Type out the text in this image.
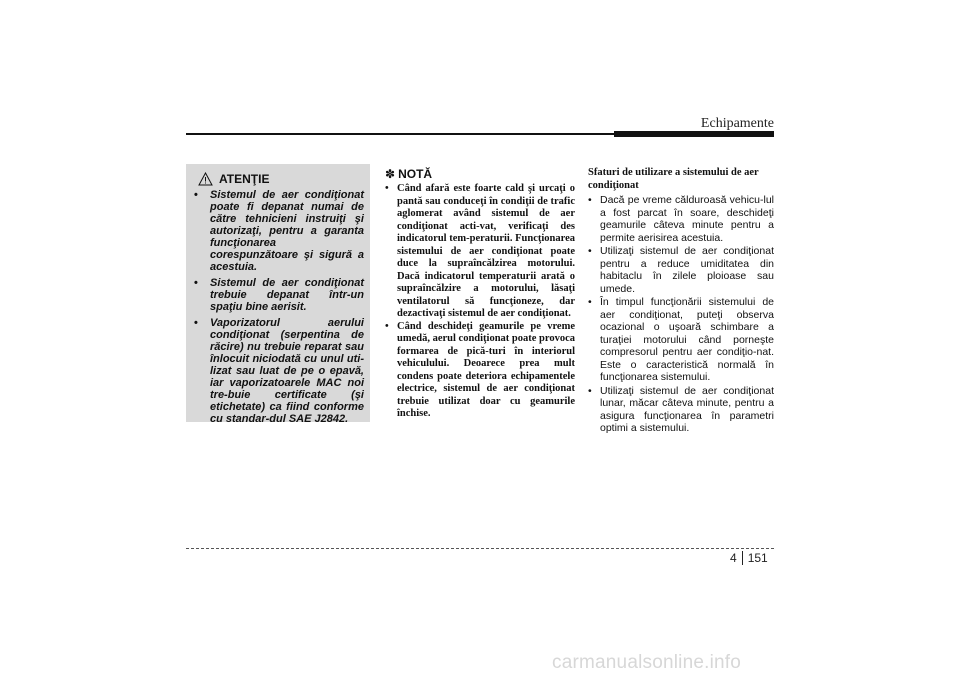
Echipamente
ATENŢIE
• Sistemul de aer condiţionat poate fi depanat numai de către tehnicieni instruiţi şi autorizaţi, pentru a garanta funcţionarea corespunzătoare şi sigură a acestuia.
• Sistemul de aer condiţionat trebuie depanat într-un spaţiu bine aerisit.
• Vaporizatorul aerului condiţionat (serpentina de răcire) nu trebuie reparat sau înlocuit niciodată cu unul uti-lizat sau luat de pe o epavă, iar vaporizatoarele MAC noi tre-buie certificate (şi etichetate) ca fiind conforme cu standar-dul SAE J2842.
✽ NOTĂ
• Când afară este foarte cald şi urcaţi o pantă sau conduceţi în condiţii de trafic aglomerat având sistemul de aer condiţionat acti-vat, verificaţi des indicatorul tem-peraturii. Funcţionarea sistemului de aer condiţionat poate duce la supraîncălzirea motorului. Dacă indicatorul temperaturii arată o supraîncălzire a motorului, lăsaţi ventilatorul să funcţioneze, dar dezactivaţi sistemul de aer condiţionat.
• Când deschideţi geamurile pe vreme umedă, aerul condiţionat poate provoca formarea de pică-turi în interiorul vehiculului. Deoarece prea mult condens poate deteriora echipamentele electrice, sistemul de aer condiţionat trebuie utilizat doar cu geamurile închise.

Sfaturi de utilizare a sistemului de aer condiţionat

• Dacă pe vreme călduroasă vehicu-lul a fost parcat în soare, deschideţi geamurile câteva minute pentru a permite aerisirea acestuia.
• Utilizaţi sistemul de aer condiţionat pentru a reduce umiditatea din habitaclu în zilele ploioase sau umede.
• În timpul funcţionării sistemului de aer condiţionat, puteţi observa ocazional o uşoară schimbare a turaţiei motorului când porneşte compresorul pentru aer condiţio-nat. Este o caracteristică normală în funcţionarea sistemului.
• Utilizaţi sistemul de aer condiţionat lunar, măcar câteva minute, pentru a asigura funcţionarea în parametri optimi a sistemului.
4 151
carmanualsonline.info
